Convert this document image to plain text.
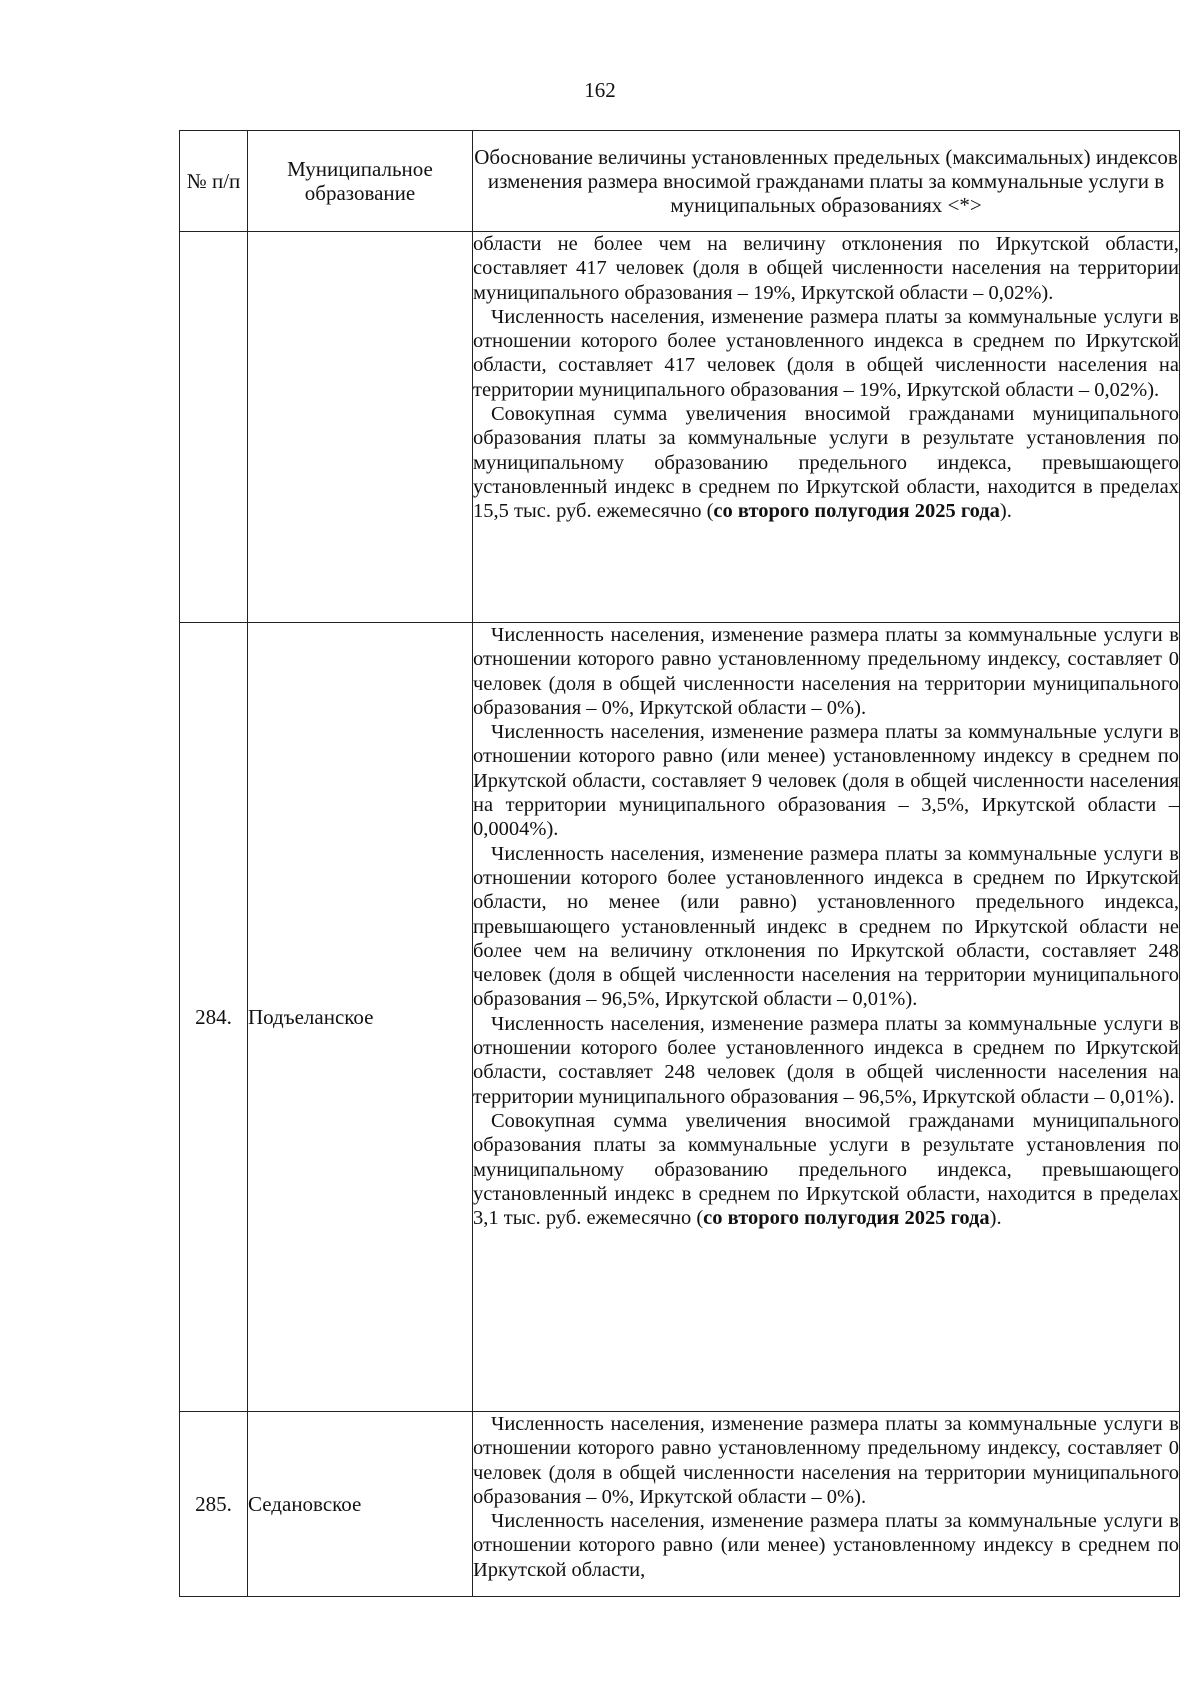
162
№ п/п	Муниципальное образование	Обоснование величины установленных предельных (максимальных) индексов изменения размера вносимой гражданами платы за коммунальные услуги в муниципальных образованиях <*>

		области не более чем на величину отклонения по Иркутской области, составляет 417 человек (доля в общей численности населения на территории муниципального образования – 19%, Иркутской области – 0,02%).

Численность населения, изменение размера платы за коммунальные услуги в отношении которого более установленного индекса в среднем по Иркутской области, составляет 417 человек (доля в общей численности населения на территории муниципального образования – 19%, Иркутской области – 0,02%).

Совокупная сумма увеличения вносимой гражданами муниципального образования платы за коммунальные услуги в результате установления по муниципальному образованию предельного индекса, превышающего установленный индекс в среднем по Иркутской области, находится в пределах 15,5 тыс. руб. ежемесячно (со второго полугодия 2025 года).

284.	Подъеланское	Численность населения, изменение размера платы за коммунальные услуги в отношении которого равно установленному предельному индексу, составляет 0 человек (доля в общей численности населения на территории муниципального образования – 0%, Иркутской области – 0%).

Численность населения, изменение размера платы за коммунальные услуги в отношении которого равно (или менее) установленному индексу в среднем по Иркутской области, составляет 9 человек (доля в общей численности населения на территории муниципального образования – 3,5%, Иркутской области – 0,0004%).

Численность населения, изменение размера платы за коммунальные услуги в отношении которого более установленного индекса в среднем по Иркутской области, но менее (или равно) установленного предельного индекса, превышающего установленный индекс в среднем по Иркутской области не более чем на величину отклонения по Иркутской области, составляет 248 человек (доля в общей численности населения на территории муниципального образования – 96,5%, Иркутской области – 0,01%).

Численность населения, изменение размера платы за коммунальные услуги в отношении которого более установленного индекса в среднем по Иркутской области, составляет 248 человек (доля в общей численности населения на территории муниципального образования – 96,5%, Иркутской области – 0,01%).

Совокупная сумма увеличения вносимой гражданами муниципального образования платы за коммунальные услуги в результате установления по муниципальному образованию предельного индекса, превышающего установленный индекс в среднем по Иркутской области, находится в пределах 3,1 тыс. руб. ежемесячно (со второго полугодия 2025 года).

285.	Седановское	Численность населения, изменение размера платы за коммунальные услуги в отношении которого равно установленному предельному индексу, составляет 0 человек (доля в общей численности населения на территории муниципального образования – 0%, Иркутской области – 0%).

Численность населения, изменение размера платы за коммунальные услуги в отношении которого равно (или менее) установленному индексу в среднем по Иркутской области,
